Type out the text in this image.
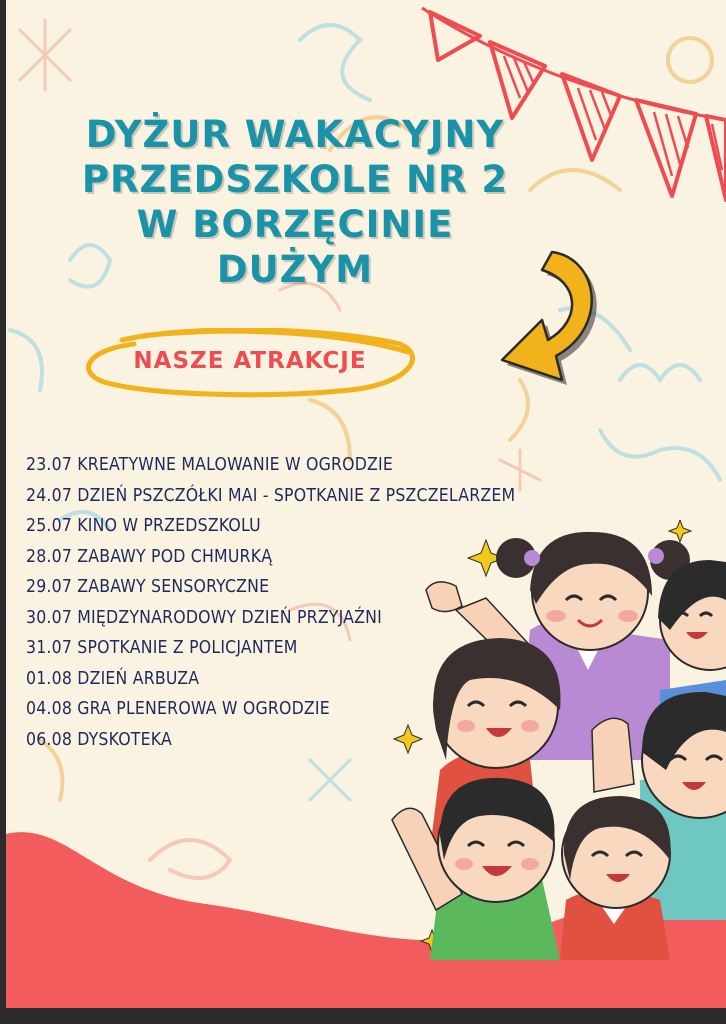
DYŻUR WAKACYJNY
PRZEDSZKOLE NR 2
W BORZĘCINIE DUŻYM
NASZE ATRAKCJE
23.07 KREATYWNE MALOWANIE W OGRODZIE
24.07 DZIEŃ PSZCZÓŁKI MAI - SPOTKANIE Z PSZCZELARZEM
25.07 KINO W PRZEDSZKOLU
28.07 ZABAWY POD CHMURKĄ
29.07 ZABAWY SENSORYCZNE
30.07 MIĘDZYNARODOWY DZIEŃ PRZYJAŹNI
31.07 SPOTKANIE Z POLICJANTEM
01.08 DZIEŃ ARBUZA
04.08 GRA PLENEROWA W OGRODZIE
06.08 DYSKOTEKA
